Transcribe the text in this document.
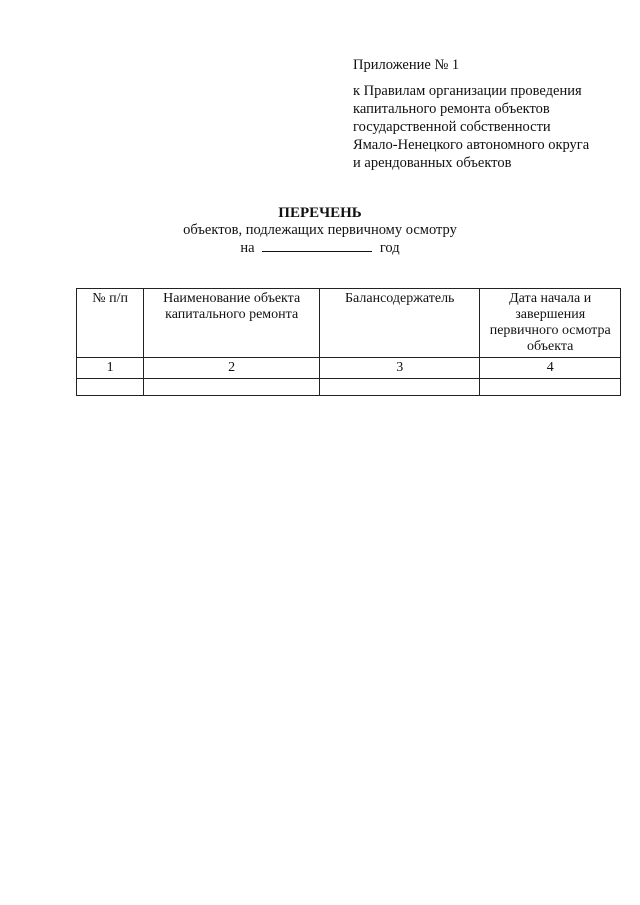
Приложение № 1
к Правилам организации проведения
капитального ремонта объектов
государственной собственности
Ямало-Ненецкого автономного округа
и арендованных объектов
ПЕРЕЧЕНЬ
объектов, подлежащих первичному осмотру
на	год
№ п/п	Наименование объекта капитального ремонта	Балансодержатель	Дата начала и завершения первичного осмотра объекта
1	2	3	4
